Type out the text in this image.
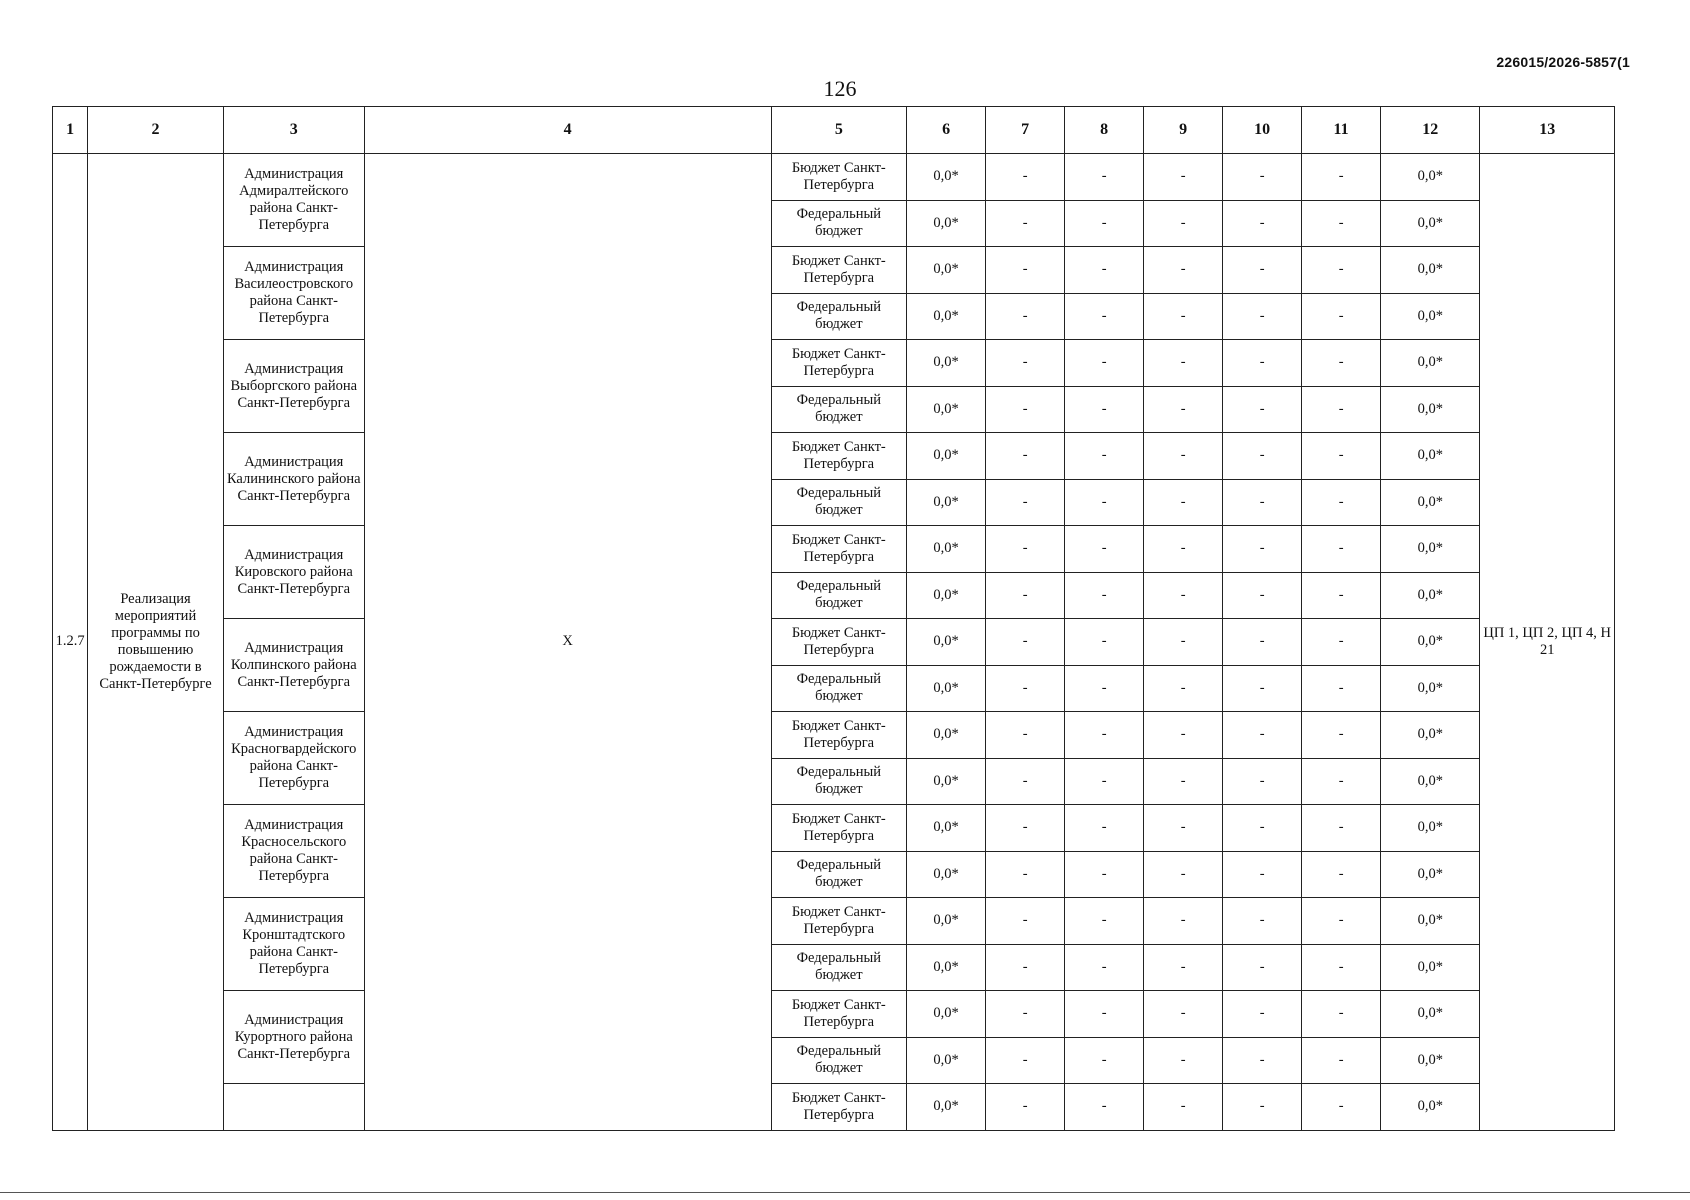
226015/2026-5857(1
126
1	2	3	4	5	6	7	8	9	10	11	12	13
1.2.7	Реализация мероприятий программы по повышению рождаемости в Санкт-Петербурге	Администрация Адмиралтейского района Санкт-Петербурга	Х	Бюджет Санкт-Петербурга	0,0*	-	-	-	-	-	0,0*	ЦП 1, ЦП 2, ЦП 4, Н 21
				Федеральный бюджет	0,0*	-	-	-	-	-	0,0*	
		Администрация Василеостровского района Санкт-Петербурга		Бюджет Санкт-Петербурга	0,0*	-	-	-	-	-	0,0*	
				Федеральный бюджет	0,0*	-	-	-	-	-	0,0*	
		Администрация Выборгского района Санкт-Петербурга		Бюджет Санкт-Петербурга	0,0*	-	-	-	-	-	0,0*	
				Федеральный бюджет	0,0*	-	-	-	-	-	0,0*	
		Администрация Калининского района Санкт-Петербурга		Бюджет Санкт-Петербурга	0,0*	-	-	-	-	-	0,0*	
				Федеральный бюджет	0,0*	-	-	-	-	-	0,0*	
		Администрация Кировского района Санкт-Петербурга		Бюджет Санкт-Петербурга	0,0*	-	-	-	-	-	0,0*	
				Федеральный бюджет	0,0*	-	-	-	-	-	0,0*	
		Администрация Колпинского района Санкт-Петербурга		Бюджет Санкт-Петербурга	0,0*	-	-	-	-	-	0,0*	
				Федеральный бюджет	0,0*	-	-	-	-	-	0,0*	
		Администрация Красногвардейского района Санкт-Петербурга		Бюджет Санкт-Петербурга	0,0*	-	-	-	-	-	0,0*	
				Федеральный бюджет	0,0*	-	-	-	-	-	0,0*	
		Администрация Красносельского района Санкт-Петербурга		Бюджет Санкт-Петербурга	0,0*	-	-	-	-	-	0,0*	
				Федеральный бюджет	0,0*	-	-	-	-	-	0,0*	
		Администрация Кронштадтского района Санкт-Петербурга		Бюджет Санкт-Петербурга	0,0*	-	-	-	-	-	0,0*	
				Федеральный бюджет	0,0*	-	-	-	-	-	0,0*	
		Администрация Курортного района Санкт-Петербурга		Бюджет Санкт-Петербурга	0,0*	-	-	-	-	-	0,0*	
				Федеральный бюджет	0,0*	-	-	-	-	-	0,0*	
				Бюджет Санкт-Петербурга	0,0*	-	-	-	-	-	0,0*	
